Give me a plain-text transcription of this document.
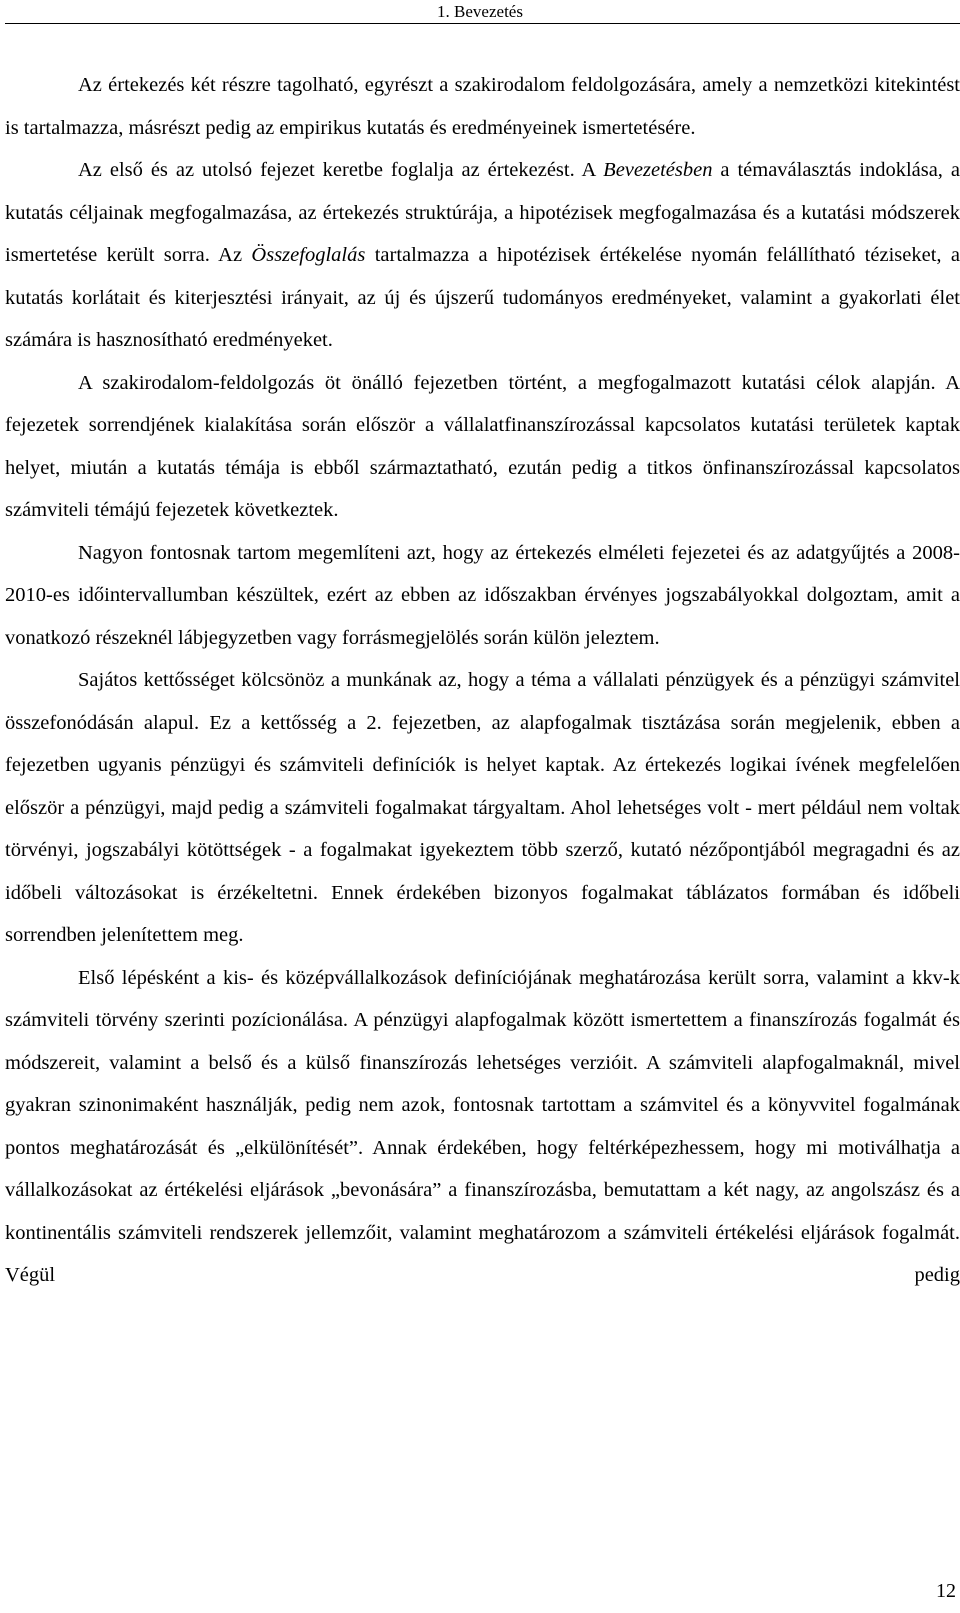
1. Bevezetés

Az értekezés két részre tagolható, egyrészt a szakirodalom feldolgozására, amely a nemzetközi kitekintést is tartalmazza, másrészt pedig az empirikus kutatás és eredményeinek ismertetésére.

Az első és az utolsó fejezet keretbe foglalja az értekezést. A Bevezetésben a témaválasztás indoklása, a kutatás céljainak megfogalmazása, az értekezés struktúrája, a hipotézisek megfogalmazása és a kutatási módszerek ismertetése került sorra. Az Összefoglalás tartalmazza a hipotézisek értékelése nyomán felállítható téziseket, a kutatás korlátait és kiterjesztési irányait, az új és újszerű tudományos eredményeket, valamint a gyakorlati élet számára is hasznosítható eredményeket.

A szakirodalom-feldolgozás öt önálló fejezetben történt, a megfogalmazott kutatási célok alapján. A fejezetek sorrendjének kialakítása során először a vállalatfinanszírozással kapcsolatos kutatási területek kaptak helyet, miután a kutatás témája is ebből származtatható, ezután pedig a titkos önfinanszírozással kapcsolatos számviteli témájú fejezetek következtek.

Nagyon fontosnak tartom megemlíteni azt, hogy az értekezés elméleti fejezetei és az adatgyűjtés a 2008-2010-es időintervallumban készültek, ezért az ebben az időszakban érvényes jogszabályokkal dolgoztam, amit a vonatkozó részeknél lábjegyzetben vagy forrásmegjelölés során külön jeleztem.

Sajátos kettősséget kölcsönöz a munkának az, hogy a téma a vállalati pénzügyek és a pénzügyi számvitel összefonódásán alapul. Ez a kettősség a 2. fejezetben, az alapfogalmak tisztázása során megjelenik, ebben a fejezetben ugyanis pénzügyi és számviteli definíciók is helyet kaptak. Az értekezés logikai ívének megfelelően először a pénzügyi, majd pedig a számviteli fogalmakat tárgyaltam. Ahol lehetséges volt - mert például nem voltak törvényi, jogszabályi kötöttségek - a fogalmakat igyekeztem több szerző, kutató nézőpontjából megragadni és az időbeli változásokat is érzékeltetni. Ennek érdekében bizonyos fogalmakat táblázatos formában és időbeli sorrendben jelenítettem meg.

Első lépésként a kis- és középvállalkozások definíciójának meghatározása került sorra, valamint a kkv-k számviteli törvény szerinti pozícionálása. A pénzügyi alapfogalmak között ismertettem a finanszírozás fogalmát és módszereit, valamint a belső és a külső finanszírozás lehetséges verzióit. A számviteli alapfogalmaknál, mivel gyakran szinonimaként használják, pedig nem azok, fontosnak tartottam a számvitel és a könyvvitel fogalmának pontos meghatározását és „elkülönítését”. Annak érdekében, hogy feltérképezhessem, hogy mi motiválhatja a vállalkozásokat az értékelési eljárások „bevonására” a finanszírozásba, bemutattam a két nagy, az angolszász és a kontinentális számviteli rendszerek jellemzőit, valamint meghatározom a számviteli értékelési eljárások fogalmát. Végül pedig

12
